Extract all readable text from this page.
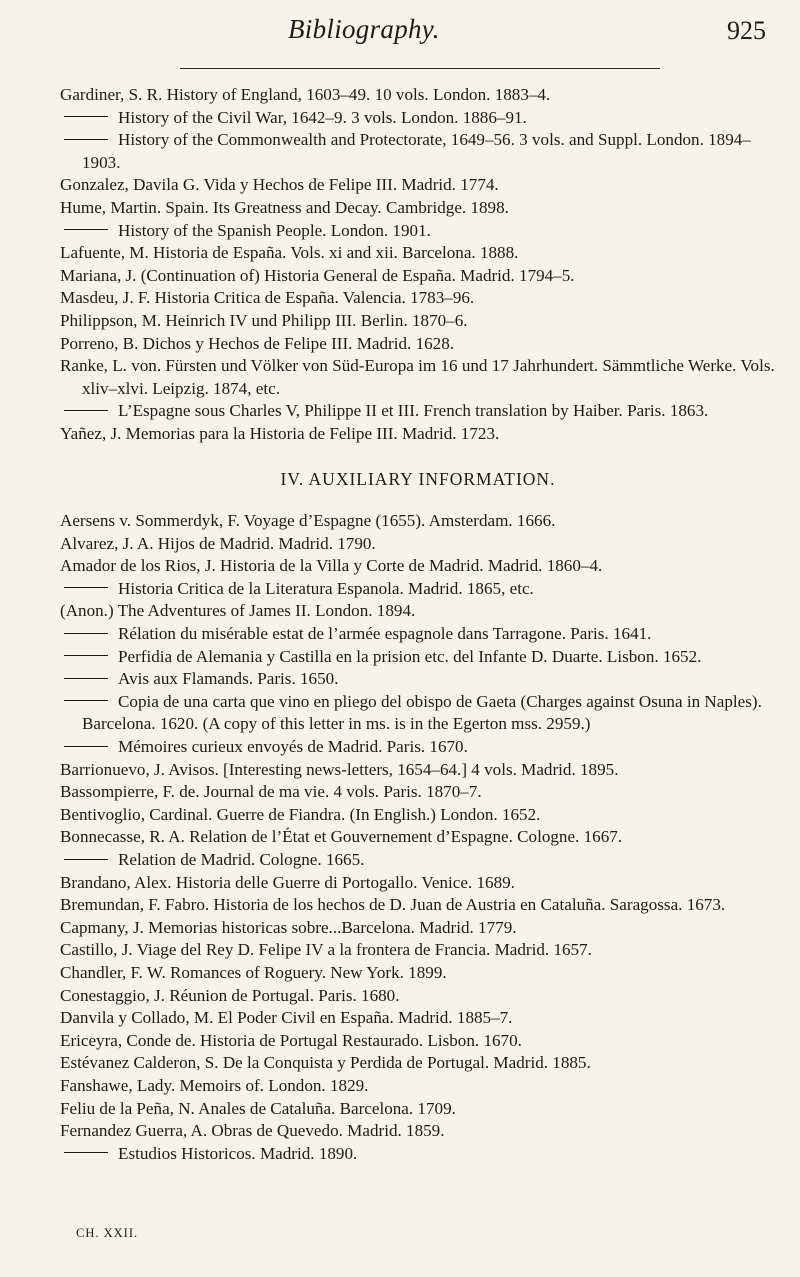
Bibliography.	925

Gardiner, S. R. History of England, 1603–49. 10 vols. London. 1883–4.

History of the Civil War, 1642–9. 3 vols. London. 1886–91.

History of the Commonwealth and Protectorate, 1649–56. 3 vols. and Suppl. London. 1894–1903.

Gonzalez, Davila G. Vida y Hechos de Felipe III. Madrid. 1774.

Hume, Martin. Spain. Its Greatness and Decay. Cambridge. 1898.

History of the Spanish People. London. 1901.

Lafuente, M. Historia de España. Vols. xi and xii. Barcelona. 1888.

Mariana, J. (Continuation of) Historia General de España. Madrid. 1794–5.

Masdeu, J. F. Historia Critica de España. Valencia. 1783–96.

Philippson, M. Heinrich IV und Philipp III. Berlin. 1870–6.

Porreno, B. Dichos y Hechos de Felipe III. Madrid. 1628.

Ranke, L. von. Fürsten und Völker von Süd-Europa im 16 und 17 Jahrhundert. Sämmtliche Werke. Vols. xliv–xlvi. Leipzig. 1874, etc.

L’Espagne sous Charles V, Philippe II et III. French translation by Haiber. Paris. 1863.

Yañez, J. Memorias para la Historia de Felipe III. Madrid. 1723.

IV. AUXILIARY INFORMATION.

Aersens v. Sommerdyk, F. Voyage d’Espagne (1655). Amsterdam. 1666.

Alvarez, J. A. Hijos de Madrid. Madrid. 1790.

Amador de los Rios, J. Historia de la Villa y Corte de Madrid. Madrid. 1860–4.

Historia Critica de la Literatura Espanola. Madrid. 1865, etc.

(Anon.) The Adventures of James II. London. 1894.

Rélation du misérable estat de l’armée espagnole dans Tarragone. Paris. 1641.

Perfidia de Alemania y Castilla en la prision etc. del Infante D. Duarte. Lisbon. 1652.

Avis aux Flamands. Paris. 1650.

Copia de una carta que vino en pliego del obispo de Gaeta (Charges against Osuna in Naples). Barcelona. 1620. (A copy of this letter in ms. is in the Egerton mss. 2959.)

Mémoires curieux envoyés de Madrid. Paris. 1670.

Barrionuevo, J. Avisos. [Interesting news-letters, 1654–64.] 4 vols. Madrid. 1895.

Bassompierre, F. de. Journal de ma vie. 4 vols. Paris. 1870–7.

Bentivoglio, Cardinal. Guerre de Fiandra. (In English.) London. 1652.

Bonnecasse, R. A. Relation de l’État et Gouvernement d’Espagne. Cologne. 1667.

Relation de Madrid. Cologne. 1665.

Brandano, Alex. Historia delle Guerre di Portogallo. Venice. 1689.

Bremundan, F. Fabro. Historia de los hechos de D. Juan de Austria en Cataluña. Saragossa. 1673.

Capmany, J. Memorias historicas sobre...Barcelona. Madrid. 1779.

Castillo, J. Viage del Rey D. Felipe IV a la frontera de Francia. Madrid. 1657.

Chandler, F. W. Romances of Roguery. New York. 1899.

Conestaggio, J. Réunion de Portugal. Paris. 1680.

Danvila y Collado, M. El Poder Civil en España. Madrid. 1885–7.

Ericeyra, Conde de. Historia de Portugal Restaurado. Lisbon. 1670.

Estévanez Calderon, S. De la Conquista y Perdida de Portugal. Madrid. 1885.

Fanshawe, Lady. Memoirs of. London. 1829.

Feliu de la Peña, N. Anales de Cataluña. Barcelona. 1709.

Fernandez Guerra, A. Obras de Quevedo. Madrid. 1859.

Estudios Historicos. Madrid. 1890.

CH. XXII.
